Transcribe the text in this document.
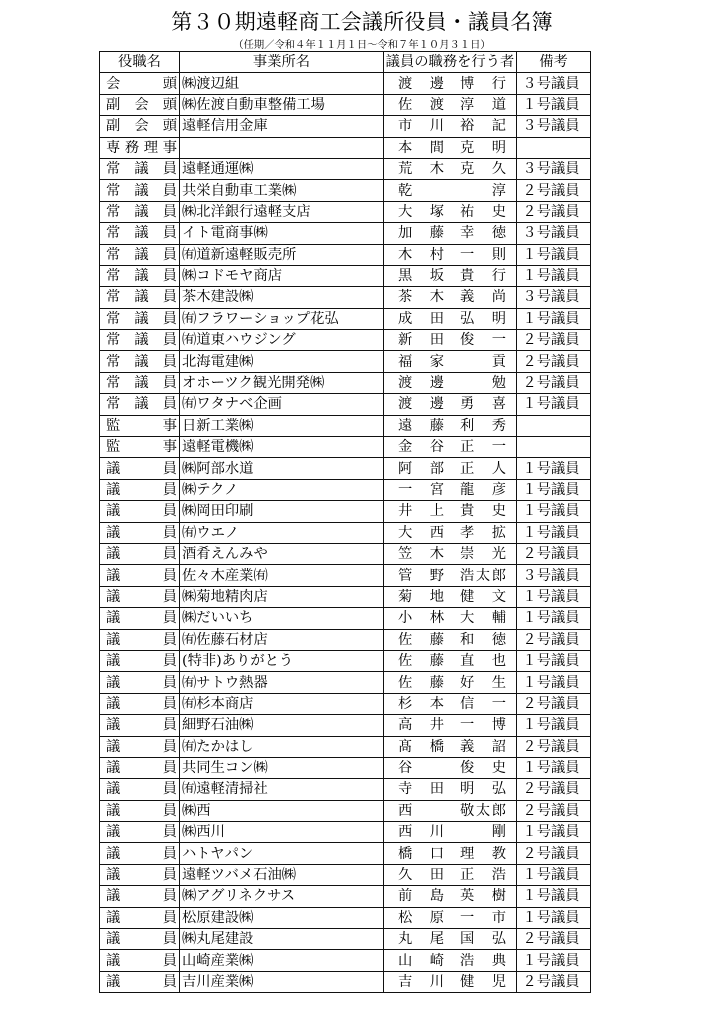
第３０期遠軽商工会議所役員・議員名簿
（任期／令和４年１１月１日～令和７年１０月３１日）
役職名	事業所名	議員の職務を行う者	備考
会頭	㈱渡辺組	渡邊 博行	３号議員
副会頭	㈱佐渡自動車整備工場	佐渡 淳道	１号議員
副会頭	遠軽信用金庫	市川 裕記	３号議員
専務理事		本間 克明	

常議員	遠軽通運㈱	荒木 克久	３号議員
常議員	共栄自動車工業㈱	乾 淳	２号議員
常議員	㈱北洋銀行遠軽支店	大塚 祐史	２号議員
常議員	イト電商事㈱	加藤 幸徳	３号議員
常議員	㈲道新遠軽販売所	木村 一則	１号議員
常議員	㈱コドモヤ商店	黒坂 貴行	１号議員
常議員	茶木建設㈱	茶木 義尚	３号議員
常議員	㈲フラワーショップ花弘	成田 弘明	１号議員
常議員	㈲道東ハウジング	新田 俊一	２号議員
常議員	北海電建㈱	福家 貢	２号議員
常議員	オホーツク観光開発㈱	渡邊 勉	２号議員
常議員	㈲ワタナベ企画	渡邊 勇喜	１号議員
監事	日新工業㈱	遠藤 利秀	

監事	遠軽電機㈱	金谷 正一	

議員	㈱阿部水道	阿部 正人	１号議員
議員	㈱テクノ	一宮 龍彦	１号議員
議員	㈱岡田印刷	井上 貴史	１号議員
議員	㈲ウエノ	大西 孝拡	１号議員
議員	酒肴えんみや	笠木 崇光	２号議員
議員	佐々木産業㈲	管野 浩太郎	３号議員
議員	㈱菊地精肉店	菊地 健文	１号議員
議員	㈱だいいち	小林 大輔	１号議員
議員	㈲佐藤石材店	佐藤 和徳	２号議員
議員	(特非)ありがとう	佐藤 直也	１号議員
議員	㈲サトウ熱器	佐藤 好生	１号議員
議員	㈲杉本商店	杉本 信一	２号議員
議員	細野石油㈱	高井 一博	１号議員
議員	㈲たかはし	髙橋 義詔	２号議員
議員	共同生コン㈱	谷 俊史	１号議員
議員	㈲遠軽清掃社	寺田 明弘	２号議員
議員	㈱西	西 敬太郎	２号議員
議員	㈱西川	西川 剛	１号議員
議員	ハトヤパン	橋口 理教	２号議員
議員	遠軽ツバメ石油㈱	久田 正浩	１号議員
議員	㈱アグリネクサス	前島 英樹	１号議員
議員	松原建設㈱	松原 一市	１号議員
議員	㈱丸尾建設	丸尾 国弘	２号議員
議員	山崎産業㈱	山崎 浩典	１号議員
議員	吉川産業㈱	吉川 健児	２号議員
